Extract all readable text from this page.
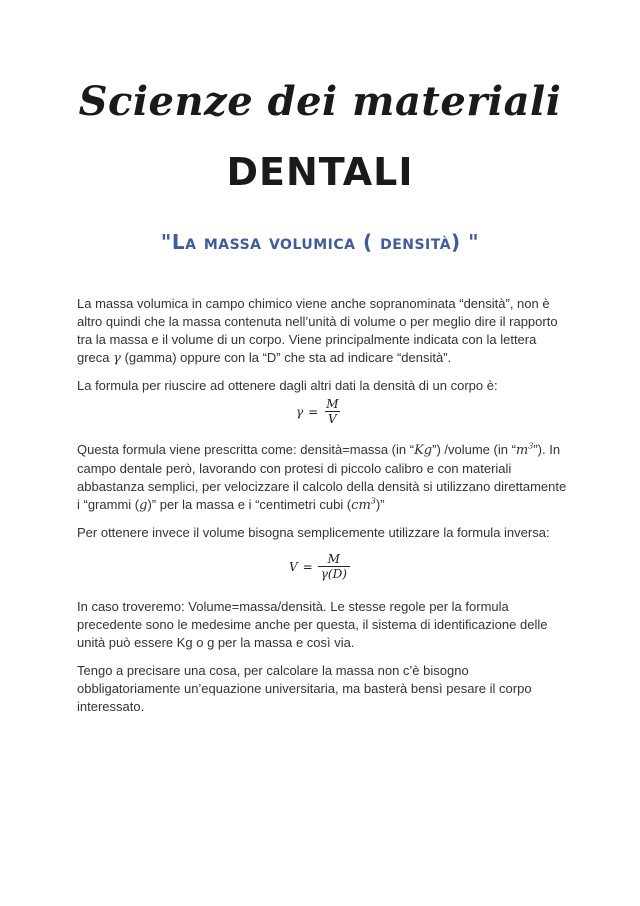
Scienze dei materiali
DENTALI
"La massa volumica ( densità) "
La massa volumica in campo chimico viene anche sopranominata “densità”, non è altro quindi che la massa contenuta nell’unità di volume o per meglio dire il rapporto tra la massa e il volume di un corpo. Viene principalmente indicata con la lettera greca γ (gamma) oppure con la “D” che sta ad indicare “densità”.
La formula per riuscire ad ottenere dagli altri dati la densità di un corpo è:
$\gamma = \frac{M}{V}$
Questa formula viene prescritta come: densità=massa (in “Kg”) /volume (in “$m^3$”). In campo dentale però, lavorando con protesi di piccolo calibro e con materiali abbastanza semplici, per velocizzare il calcolo della densità si utilizzano direttamente i “grammi (g)” per la massa e i “centimetri cubi $(cm^3)$”
Per ottenere invece il volume bisogna semplicemente utilizzare la formula inversa:
$V = \frac{M}{\gamma(D)}$
In caso troveremo: Volume=massa/densità. Le stesse regole per la formula precedente sono le medesime anche per questa, il sistema di identificazione delle unità può essere Kg o g per la massa e così via.
Tengo a precisare una cosa, per calcolare la massa non c’è bisogno obbligatoriamente un’equazione universitaria, ma basterà bensì pesare il corpo interessato.
